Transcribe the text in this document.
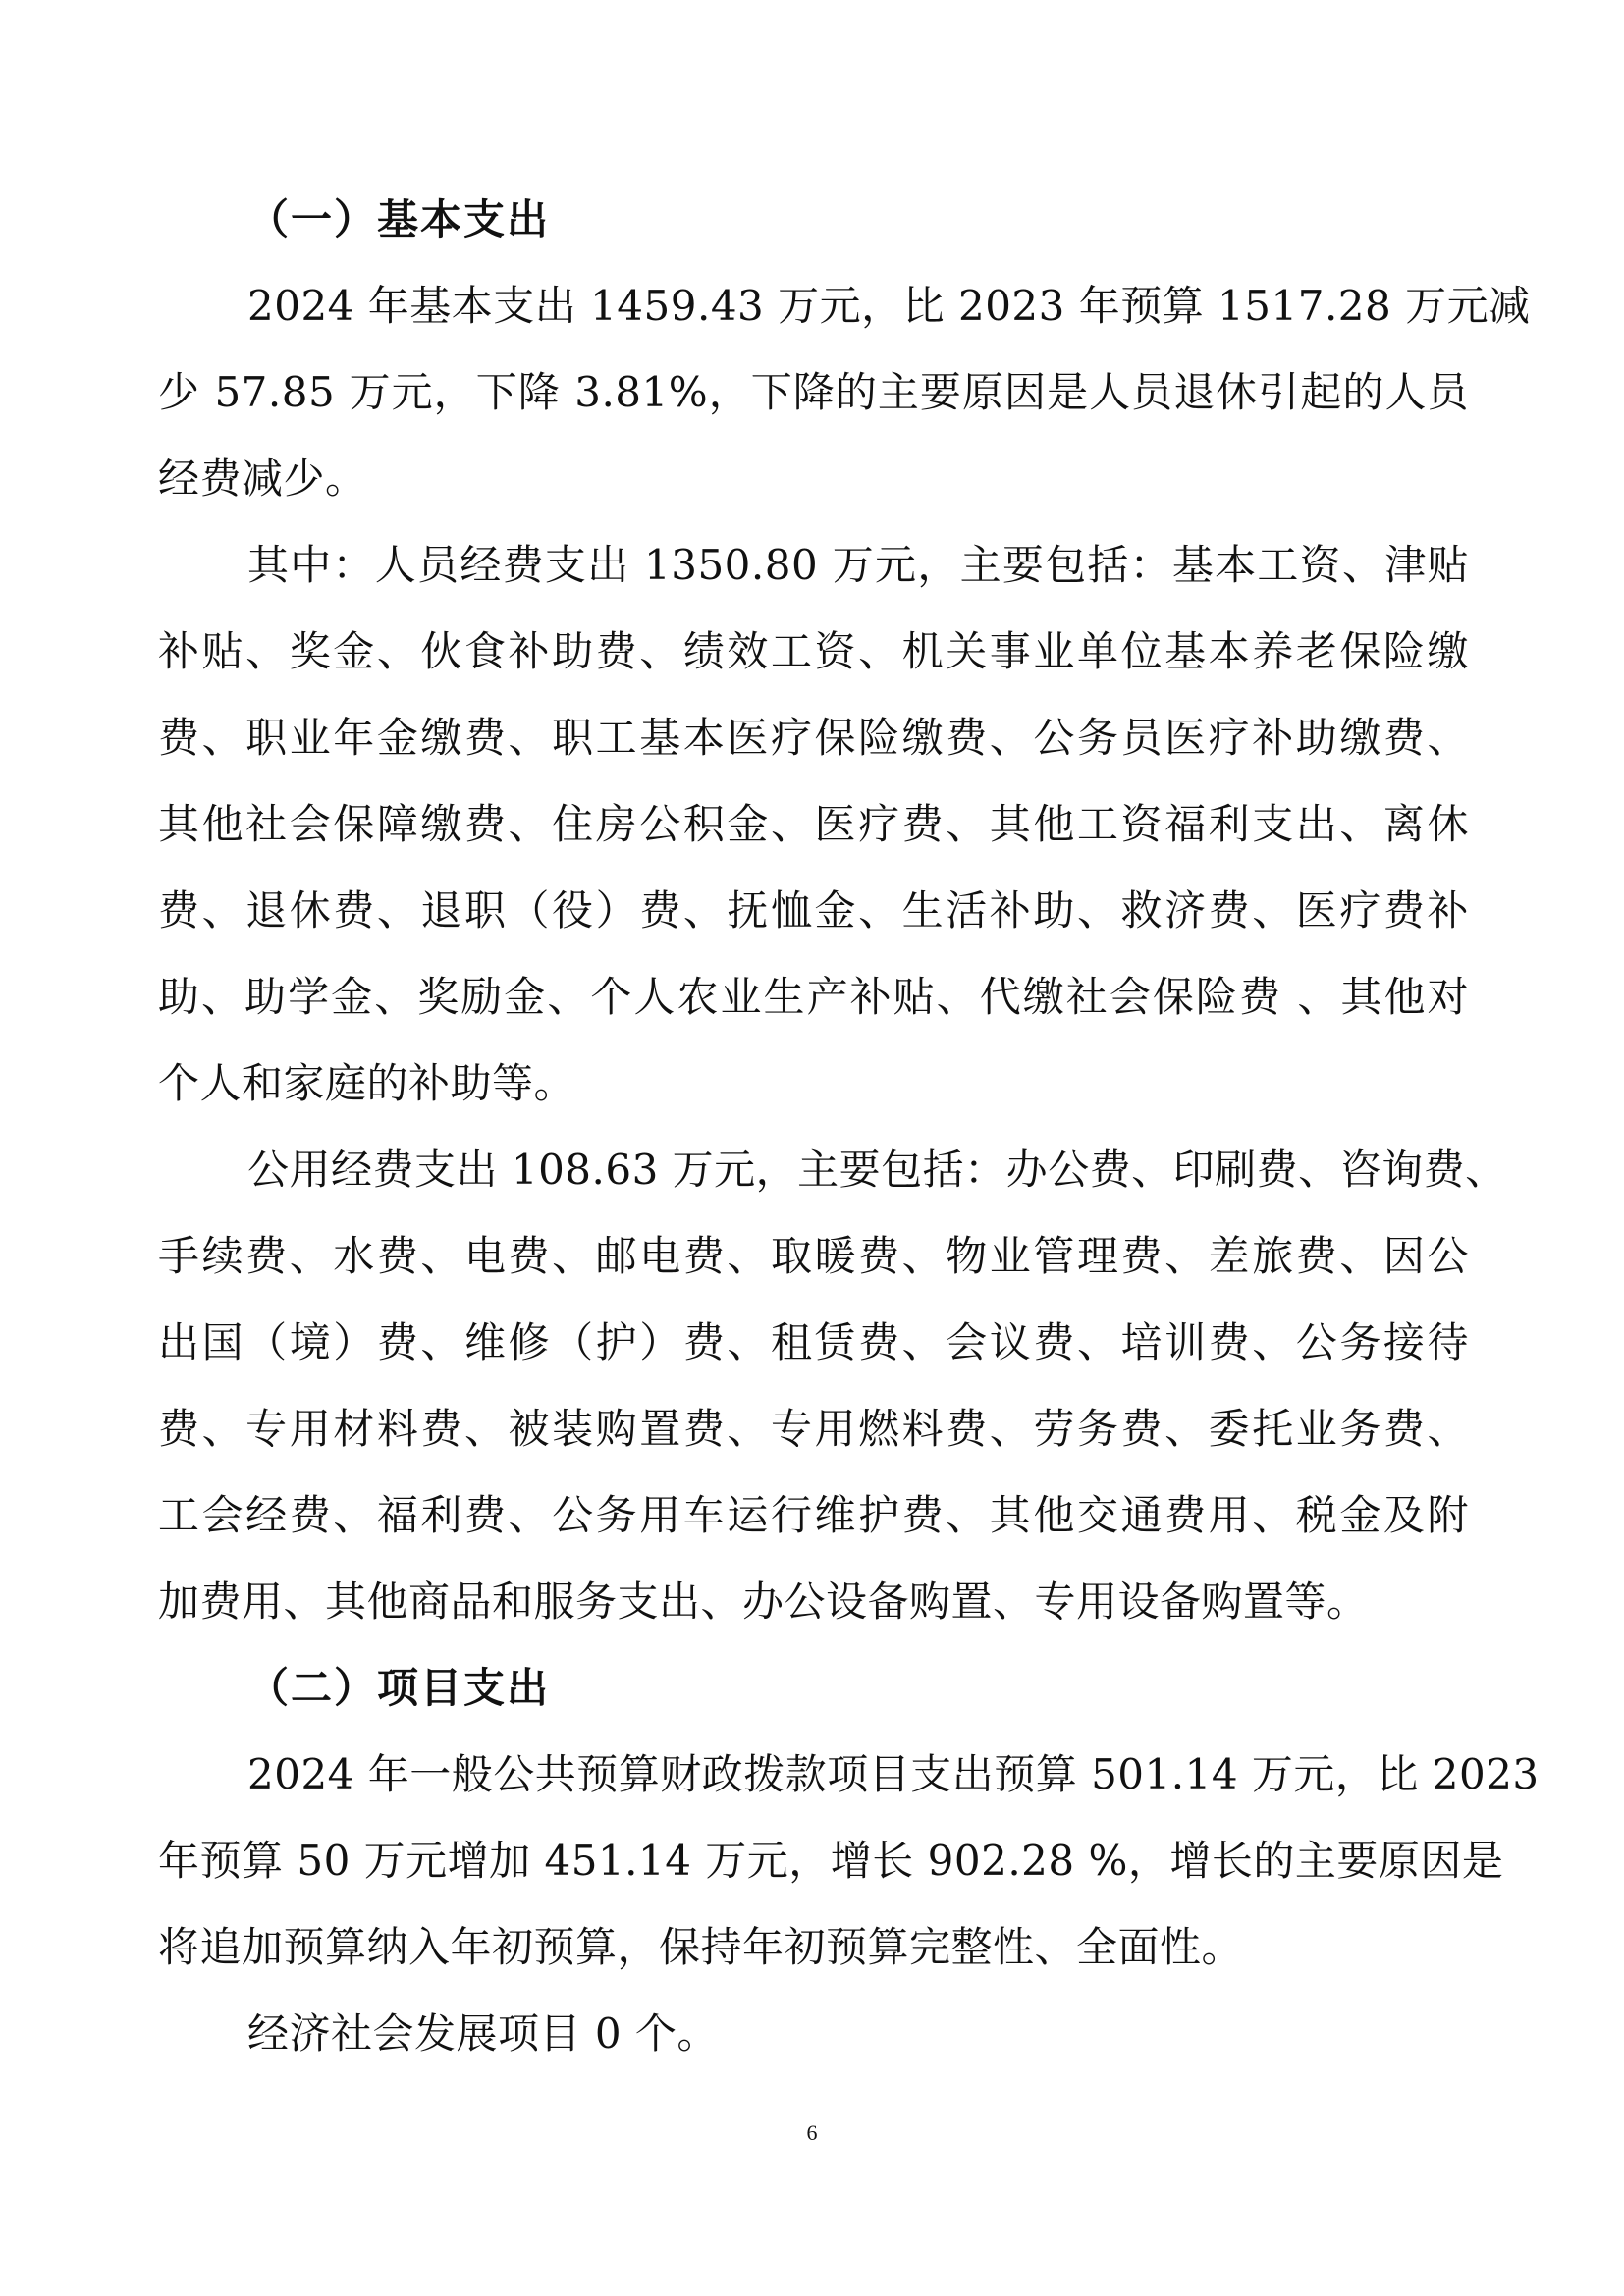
（一）基本支出
2024 年基本支出 1459.43 万元，比 2023 年预算 1517.28 万元减
少 57.85 万元，下降 3.81%，下降的主要原因是人员退休引起的人员
经费减少。
其中：人员经费支出 1350.80 万元，主要包括：基本工资、津贴
补贴、奖金、伙食补助费、绩效工资、机关事业单位基本养老保险缴
费、职业年金缴费、职工基本医疗保险缴费、公务员医疗补助缴费、
其他社会保障缴费、住房公积金、医疗费、其他工资福利支出、离休
费、退休费、退职（役）费、抚恤金、生活补助、救济费、医疗费补
助、助学金、奖励金、个人农业生产补贴、代缴社会保险费 、其他对
个人和家庭的补助等。
公用经费支出 108.63 万元，主要包括：办公费、印刷费、咨询费、
手续费、水费、电费、邮电费、取暖费、物业管理费、差旅费、因公
出国（境）费、维修（护）费、租赁费、会议费、培训费、公务接待
费、专用材料费、被装购置费、专用燃料费、劳务费、委托业务费、
工会经费、福利费、公务用车运行维护费、其他交通费用、税金及附
加费用、其他商品和服务支出、办公设备购置、专用设备购置等。
（二）项目支出
2024 年一般公共预算财政拨款项目支出预算 501.14 万元，比 2023
年预算 50 万元增加 451.14 万元，增长 902.28 %，增长的主要原因是
将追加预算纳入年初预算，保持年初预算完整性、全面性。
经济社会发展项目 0 个。
6
